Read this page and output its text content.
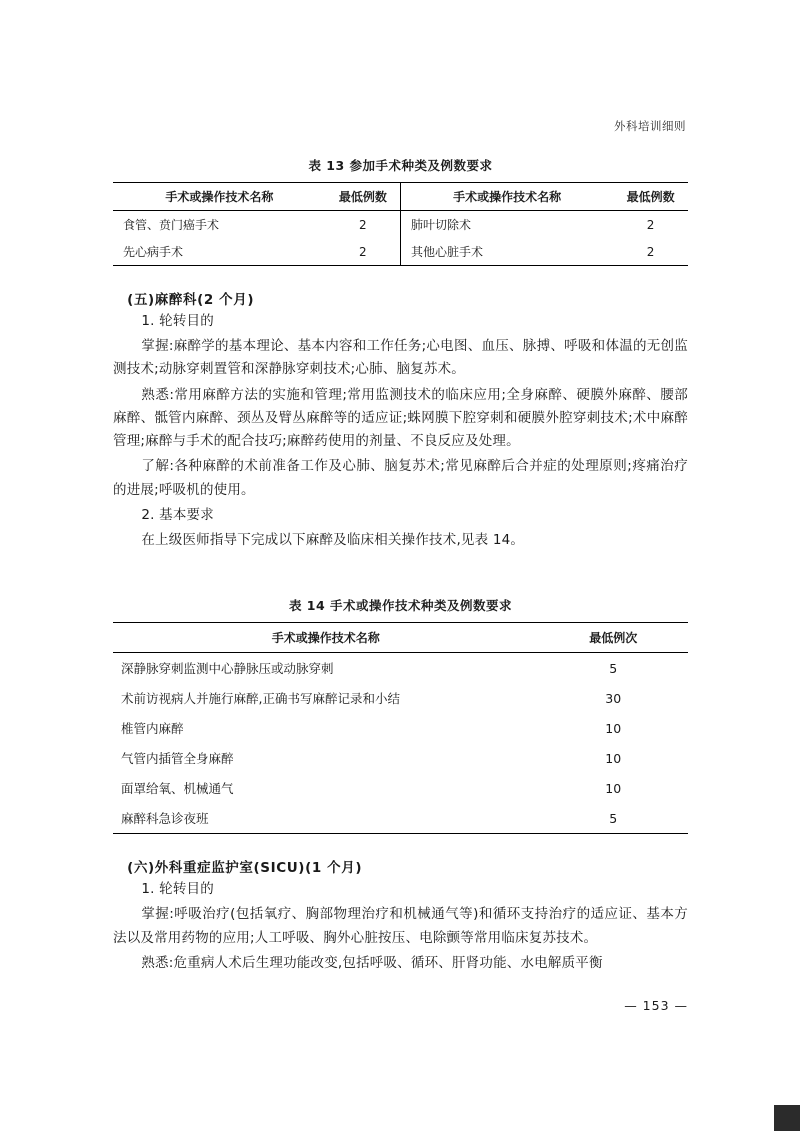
外科培训细则
表 13 参加手术种类及例数要求
手术或操作技术名称	最低例数	手术或操作技术名称	最低例数
食管、贲门癌手术	2	肺叶切除术	2
先心病手术	2	其他心脏手术	2
(五)麻醉科(2 个月)

1. 轮转目的

掌握:麻醉学的基本理论、基本内容和工作任务;心电图、血压、脉搏、呼吸和体温的无创监测技术;动脉穿刺置管和深静脉穿刺技术;心肺、脑复苏术。

熟悉:常用麻醉方法的实施和管理;常用监测技术的临床应用;全身麻醉、硬膜外麻醉、腰部麻醉、骶管内麻醉、颈丛及臂丛麻醉等的适应证;蛛网膜下腔穿刺和硬膜外腔穿刺技术;术中麻醉管理;麻醉与手术的配合技巧;麻醉药使用的剂量、不良反应及处理。

了解:各种麻醉的术前准备工作及心肺、脑复苏术;常见麻醉后合并症的处理原则;疼痛治疗的进展;呼吸机的使用。

2. 基本要求

在上级医师指导下完成以下麻醉及临床相关操作技术,见表 14。

表 14 手术或操作技术种类及例数要求
手术或操作技术名称	最低例次
深静脉穿刺监测中心静脉压或动脉穿刺	5
术前访视病人并施行麻醉,正确书写麻醉记录和小结	30
椎管内麻醉	10
气管内插管全身麻醉	10
面罩给氧、机械通气	10
麻醉科急诊夜班	5
(六)外科重症监护室(SICU)(1 个月)

1. 轮转目的

掌握:呼吸治疗(包括氧疗、胸部物理治疗和机械通气等)和循环支持治疗的适应证、基本方法以及常用药物的应用;人工呼吸、胸外心脏按压、电除颤等常用临床复苏技术。

熟悉:危重病人术后生理功能改变,包括呼吸、循环、肝肾功能、水电解质平衡

— 153 —
